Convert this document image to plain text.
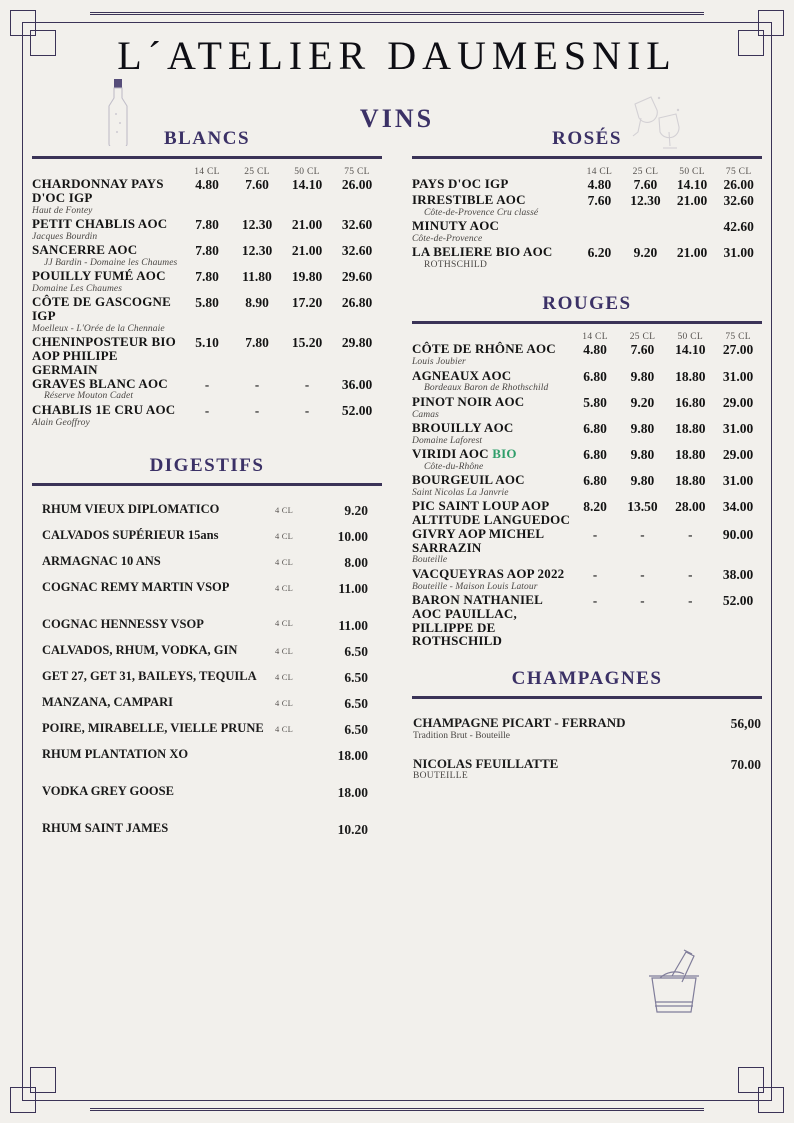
L´ATELIER DAUMESNIL
VINS
BLANCS
	14 CL	25 CL	50 CL	75 CL
CHARDONNAY PAYS D'OC IGP
Haut de Fontey	4.80	7.60	14.10	26.00
PETIT CHABLIS AOC
Jacques Bourdin	7.80	12.30	21.00	32.60
SANCERRE AOC
JJ Bardin - Domaine les Chaumes	7.80	12.30	21.00	32.60
POUILLY FUMÉ AOC
Domaine Les Chaumes	7.80	11.80	19.80	29.60
CÔTE DE GASCOGNE IGP
Moelleux - L'Orée de la Chennaie	5.80	8.90	17.20	26.80
CHENINPOSTEUR BIO AOP PHILIPE GERMAIN	5.10	7.80	15.20	29.80
GRAVES BLANC AOC
Réserve Mouton Cadet	-	-	-	36.00
CHABLIS 1E CRU AOC
Alain Geoffroy	-	-	-	52.00
DIGESTIFS
RHUM VIEUX DIPLOMATICO	4 CL	9.20
CALVADOS SUPÉRIEUR 15ans	4 CL	10.00
ARMAGNAC 10 ANS	4 CL	8.00
COGNAC REMY MARTIN VSOP	4 CL	11.00
COGNAC HENNESSY VSOP	4 CL	11.00
CALVADOS, RHUM, VODKA, GIN	4 CL	6.50
GET 27, GET 31, BAILEYS, TEQUILA	4 CL	6.50
MANZANA, CAMPARI	4 CL	6.50
POIRE, MIRABELLE, VIELLE PRUNE	4 CL	6.50
RHUM PLANTATION XO		18.00
VODKA GREY GOOSE		18.00
RHUM SAINT JAMES		10.20
ROSÉS
	14 CL	25 CL	50 CL	75 CL
PAYS D'OC IGP	4.80	7.60	14.10	26.00
IRRESTIBLE AOC
Côte-de-Provence Cru classé	7.60	12.30	21.00	32.60
MINUTY AOC
Côte-de-Provence				42.60
LA BELIERE BIO AOC
ROTHSCHILD	6.20	9.20	21.00	31.00
ROUGES
	14 CL	25 CL	50 CL	75 CL
CÔTE DE RHÔNE AOC
Louis Joubier	4.80	7.60	14.10	27.00
AGNEAUX AOC
Bordeaux Baron de Rhothschild	6.80	9.80	18.80	31.00
PINOT NOIR AOC
Camas	5.80	9.20	16.80	29.00
BROUILLY AOC
Domaine Laforest	6.80	9.80	18.80	31.00
VIRIDI AOC BIO
Côte-du-Rhône	6.80	9.80	18.80	29.00
BOURGEUIL AOC
Saint Nicolas La Janvrie	6.80	9.80	18.80	31.00
PIC SAINT LOUP AOP ALTITUDE LANGUEDOC	8.20	13.50	28.00	34.00
GIVRY AOP MICHEL SARRAZIN
Bouteille	-	-	-	90.00
VACQUEYRAS AOP 2022
Bouteille - Maison Louis Latour	-	-	-	38.00
BARON NATHANIEL AOC PAUILLAC, PILLIPPE DE ROTHSCHILD	-	-	-	52.00
CHAMPAGNES
CHAMPAGNE PICART - FERRAND
Tradition Brut - Bouteille	56,00
NICOLAS FEUILLATTE
BOUTEILLE	70.00
